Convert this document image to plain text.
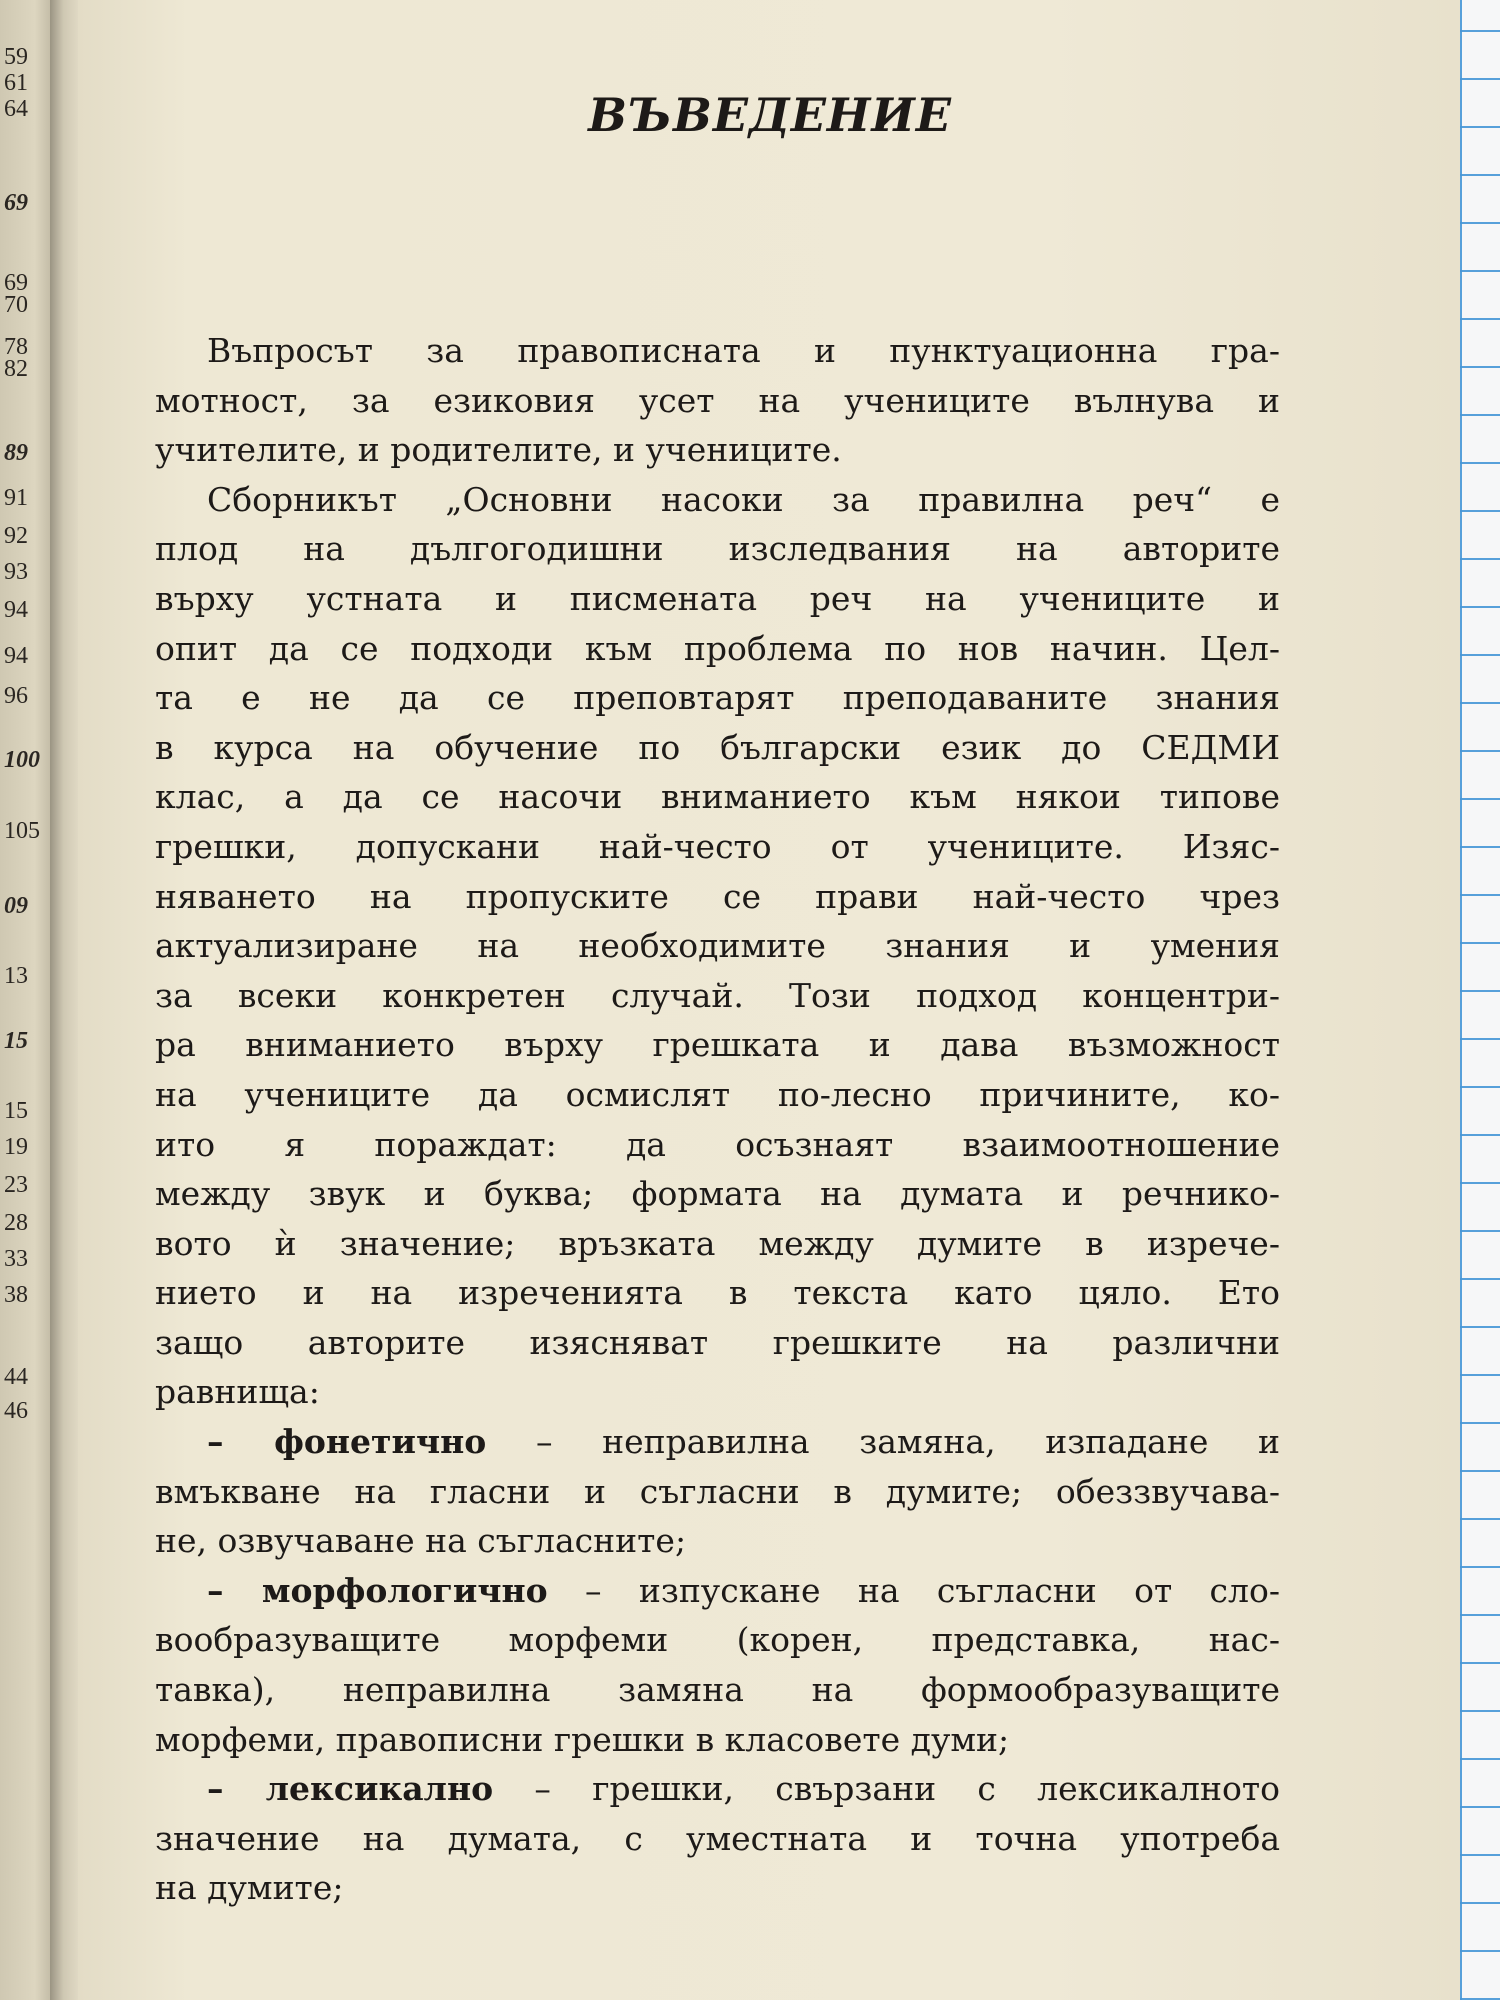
59
61
64
69
69
70
78
82
89
91
92
93
94
94
96
100
105
09
13
15
15
19
23
28
33
38
44
46
ВЪВЕДЕНИЕ
Въпросът за правописната и пунктуационна гра-
мотност, за езиковия усет на учениците вълнува и
учителите, и родителите, и учениците.
Сборникът „Основни насоки за правилна реч“ е
плод на дългогодишни изследвания на авторите
върху устната и писмената реч на учениците и
опит да се подходи към проблема по нов начин. Цел-
та е не да се преповтарят преподаваните знания
в курса на обучение по български език до СЕДМИ
клас, а да се насочи вниманието към някои типове
грешки, допускани най-често от учениците. Изяс-
няването на пропуските се прави най-често чрез
актуализиране на необходимите знания и умения
за всеки конкретен случай. Този подход концентри-
ра вниманието върху грешката и дава възможност
на учениците да осмислят по-лесно причините, ко-
ито я пораждат: да осъзнаят взаимоотношение
между звук и буква; формата на думата и речнико-
вото ѝ значение; връзката между думите в изрече-
нието и на изреченията в текста като цяло. Ето
защо авторите изясняват грешките на различни
равнища:
– фонетично – неправилна замяна, изпадане и
вмъкване на гласни и съгласни в думите; обеззвучава-
не, озвучаване на съгласните;
– морфологично – изпускане на съгласни от сло-
вообразуващите морфеми (корен, представка, нас-
тавка), неправилна замяна на формообразуващите
морфеми, правописни грешки в класовете думи;
– лексикално – грешки, свързани с лексикалното
значение на думата, с уместната и точна употреба
на думите;
